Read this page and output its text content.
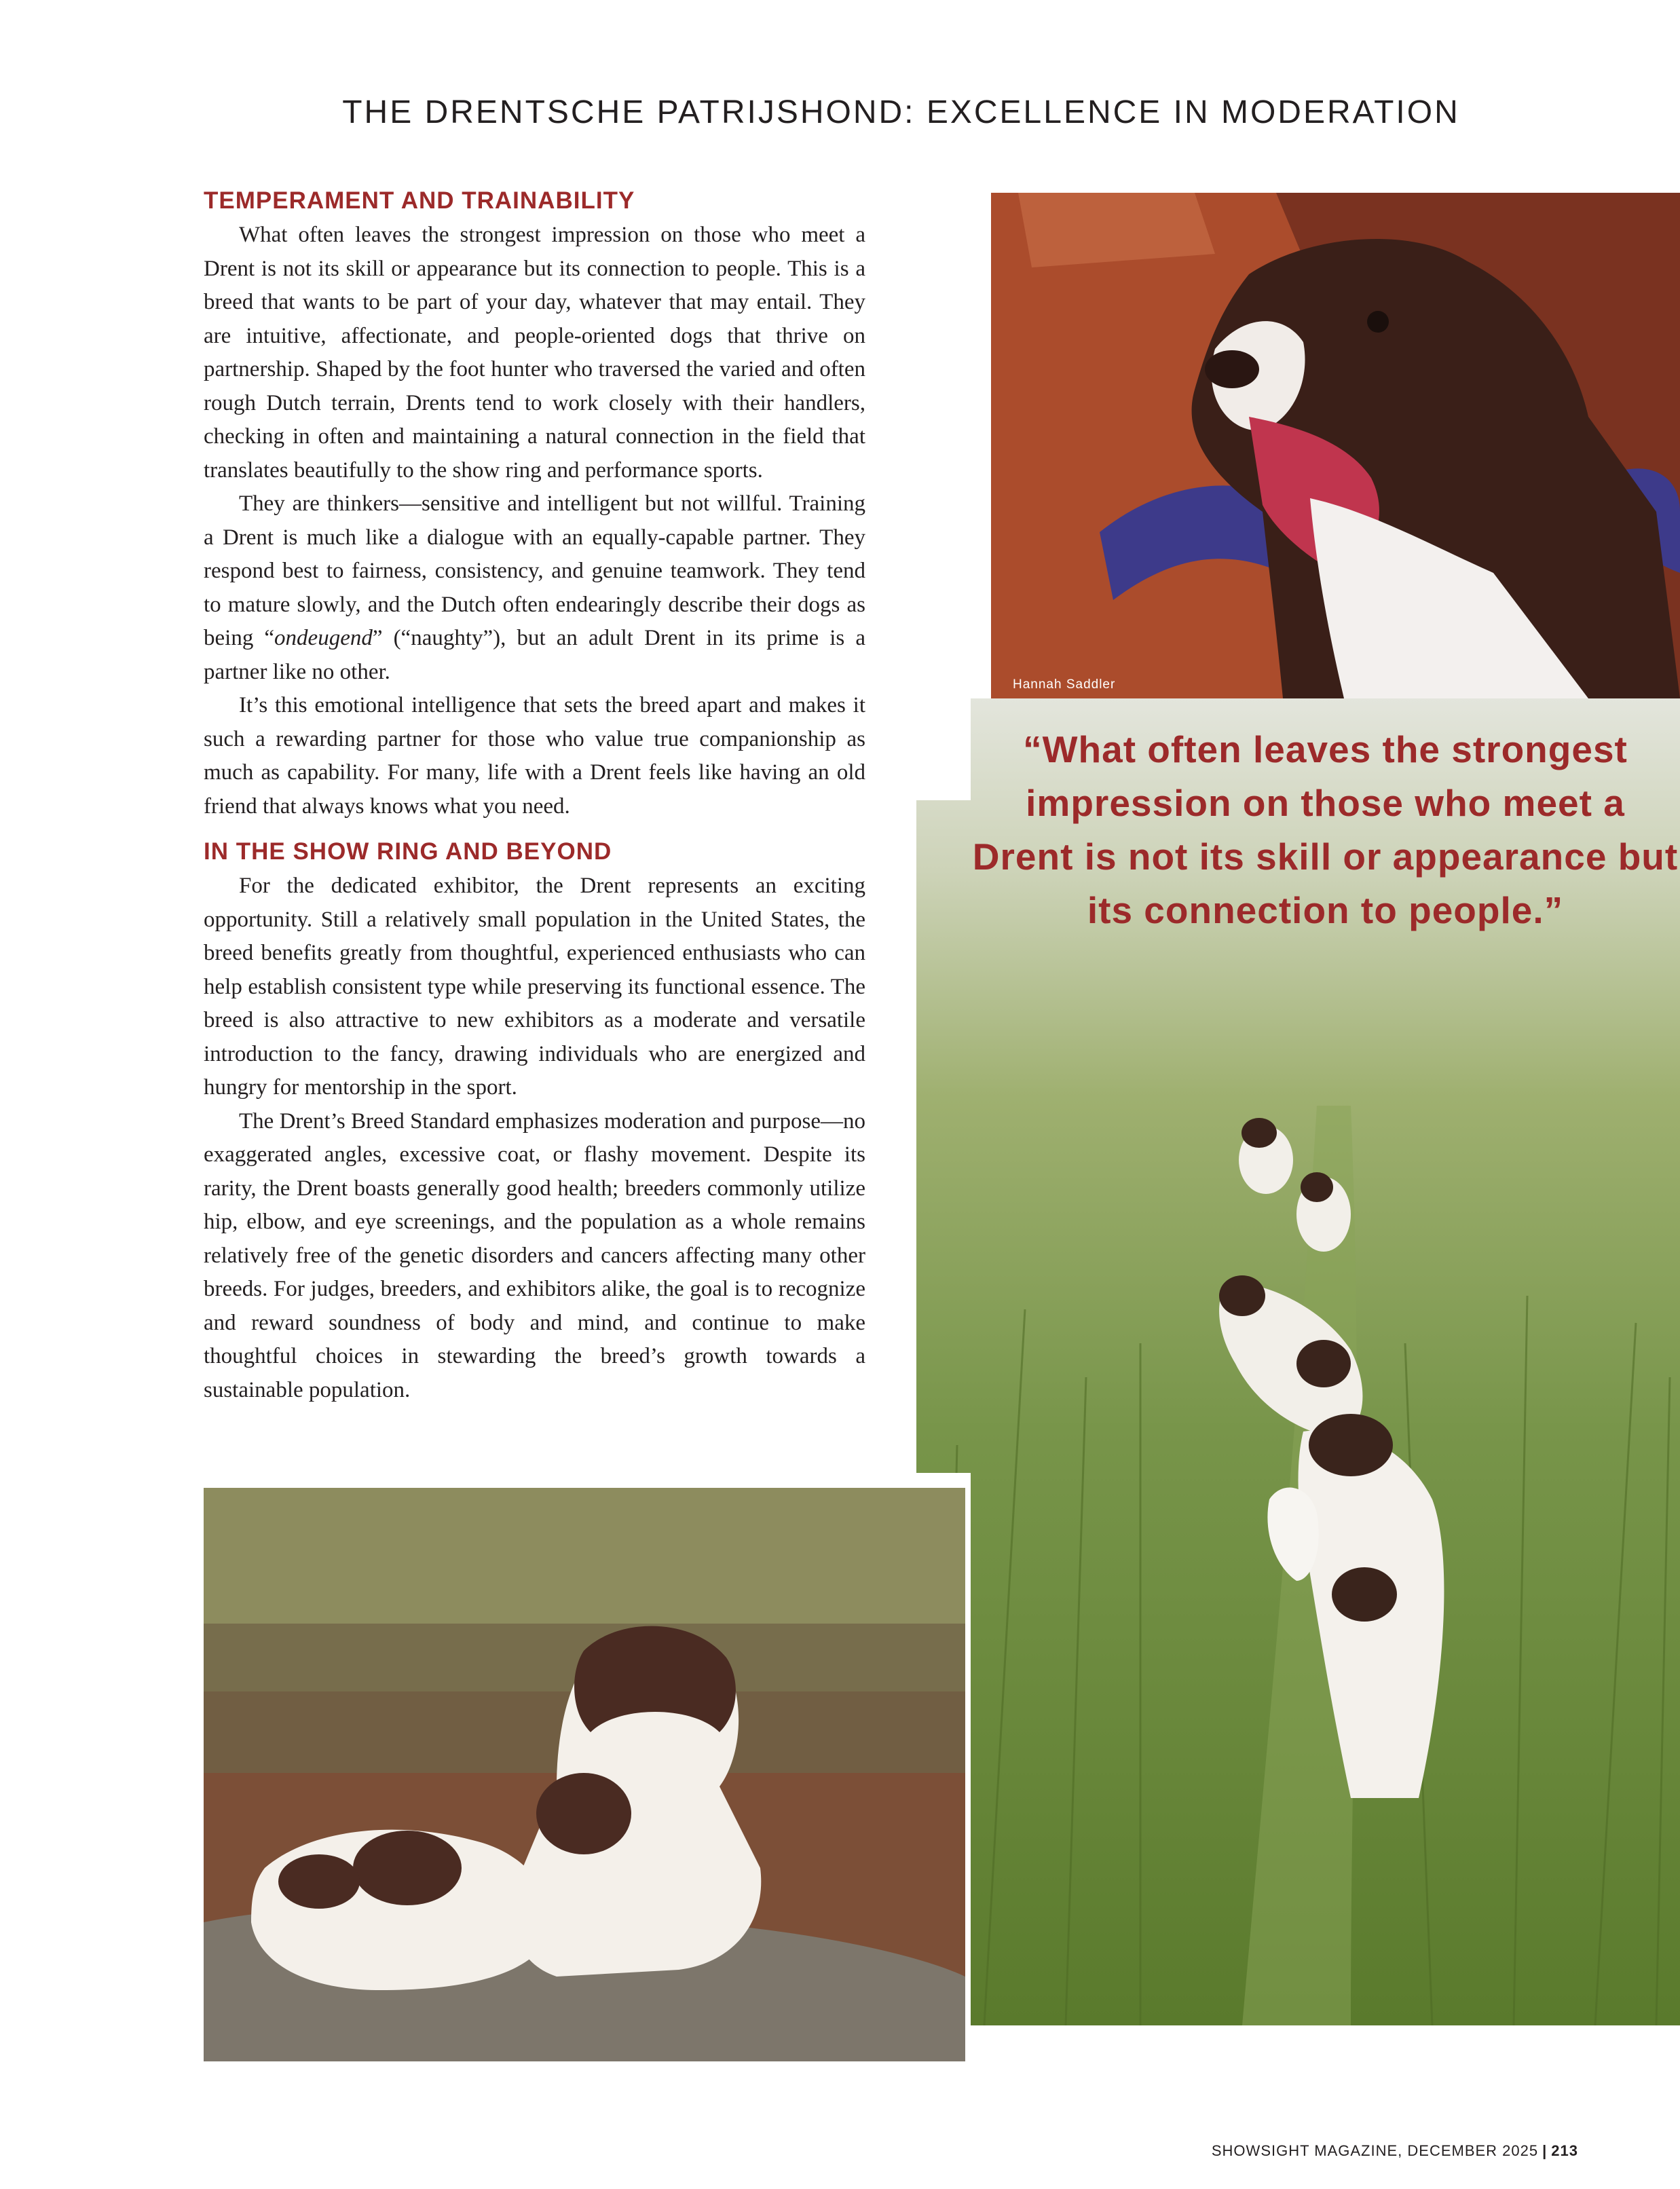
THE DRENTSCHE PATRIJSHOND: EXCELLENCE IN MODERATION
TEMPERAMENT AND TRAINABILITY

What often leaves the strongest impression on those who meet a Drent is not its skill or appearance but its connection to people. This is a breed that wants to be part of your day, whatever that may entail. They are intuitive, affectionate, and people-oriented dogs that thrive on partnership. Shaped by the foot hunter who traversed the varied and often rough Dutch terrain, Drents tend to work closely with their handlers, checking in often and maintaining a natural connection in the field that translates beautifully to the show ring and performance sports.

They are thinkers—sensitive and intelligent but not willful. Training a Drent is much like a dialogue with an equally-capable partner. They respond best to fairness, consistency, and genuine teamwork. They tend to mature slowly, and the Dutch often endearingly describe their dogs as being “ondeugend” (“naughty”), but an adult Drent in its prime is a partner like no other.

It’s this emotional intelligence that sets the breed apart and makes it such a rewarding partner for those who value true companionship as much as capability. For many, life with a Drent feels like having an old friend that always knows what you need.

IN THE SHOW RING AND BEYOND

For the dedicated exhibitor, the Drent represents an exciting opportunity. Still a relatively small population in the United States, the breed benefits greatly from thoughtful, experienced enthusiasts who can help establish consistent type while preserving its functional essence. The breed is also attractive to new exhibitors as a moderate and versatile introduction to the fancy, drawing individuals who are energized and hungry for mentorship in the sport.

The Drent’s Breed Standard emphasizes moderation and purpose—no exaggerated angles, excessive coat, or flashy movement. Despite its rarity, the Drent boasts generally good health; breeders commonly utilize hip, elbow, and eye screenings, and the population as a whole remains relatively free of the genetic disorders and cancers affecting many other breeds. For judges, breeders, and exhibitors alike, the goal is to recognize and reward soundness of body and mind, and continue to make thoughtful choices in stewarding the breed’s growth towards a sustainable population.

Hannah Saddler
“What often leaves the strongest impression on those who meet a Drent is not its skill or appearance but its connection to people.”
SHOWSIGHT MAGAZINE, DECEMBER 2025 | 213
